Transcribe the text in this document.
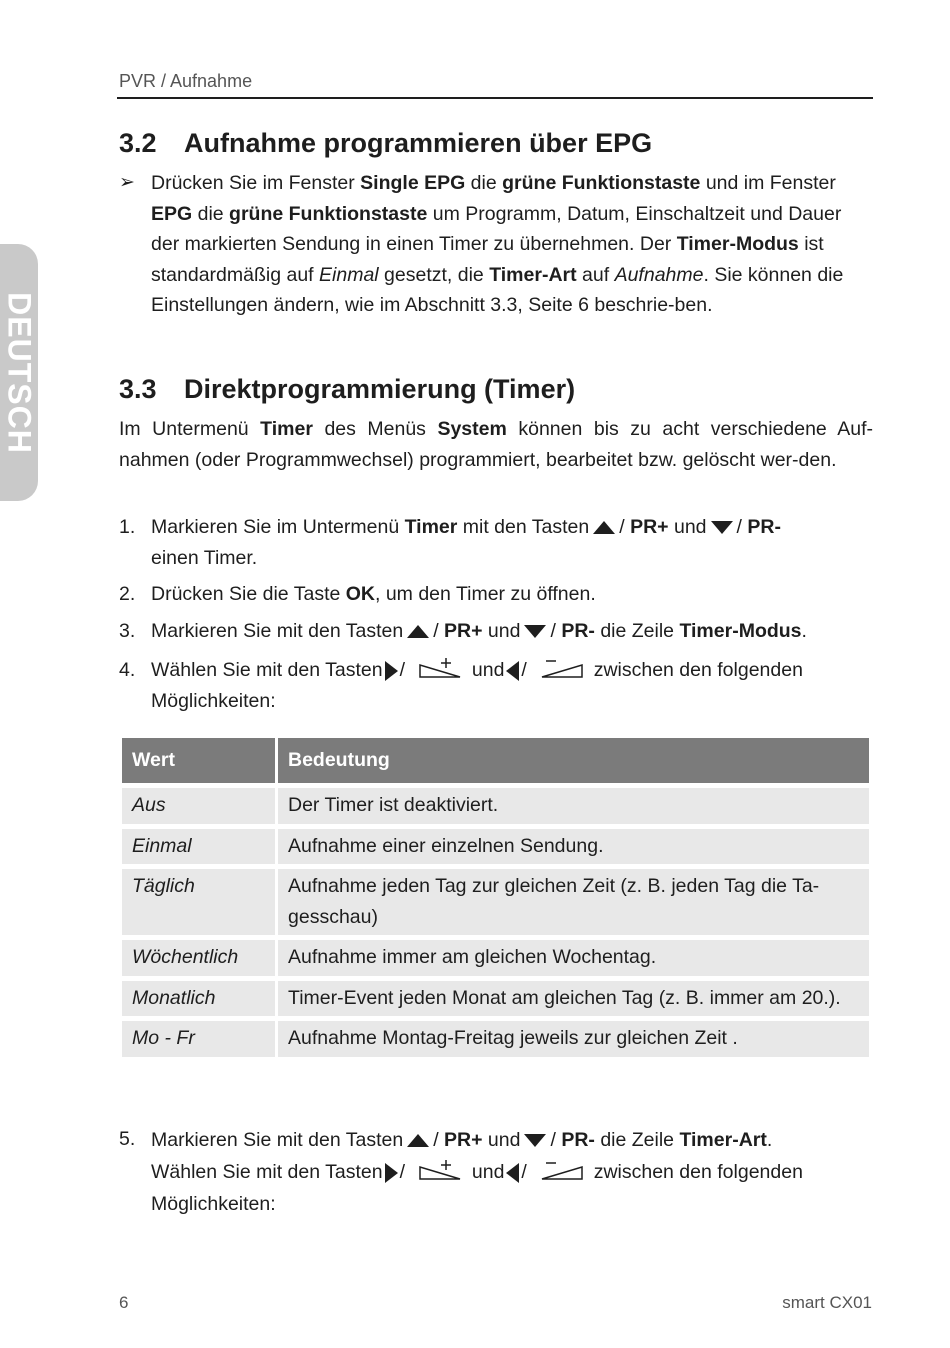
PVR / Aufnahme
DEUTSCH
3.2 Aufnahme programmieren über EPG
➢ Drücken Sie im Fenster Single EPG die grüne Funktionstaste und im Fenster EPG die grüne Funktionstaste um Programm, Datum, Einschaltzeit und Dauer der markierten Sendung in einen Timer zu übernehmen. Der Timer-Modus ist standardmäßig auf Einmal gesetzt, die Timer-Art auf Aufnahme. Sie können die Einstellungen ändern, wie im Abschnitt 3.3, Seite 6 beschrie-ben.
3.3 Direktprogrammierung (Timer)
Im Untermenü Timer des Menüs System können bis zu acht verschiedene Auf-nahmen (oder Programmwechsel) programmiert, bearbeitet bzw. gelöscht wer-den.
1. Markieren Sie im Untermenü Timer mit den Tasten / PR+ und / PR-
einen Timer.
2. Drücken Sie die Taste OK, um den Timer zu öffnen.
3. Markieren Sie mit den Tasten / PR+ und / PR- die Zeile Timer-Modus.
4. Wählen Sie mit den Tasten /	und /	zwischen den folgenden
Möglichkeiten:
Wert	Bedeutung
Aus	Der Timer ist deaktiviert.
Einmal	Aufnahme einer einzelnen Sendung.
Täglich	Aufnahme jeden Tag zur gleichen Zeit (z. B. jeden Tag die Ta-gesschau)
Wöchentlich	Aufnahme immer am gleichen Wochentag.
Monatlich	Timer-Event jeden Monat am gleichen Tag (z. B. immer am 20.).
Mo - Fr	Aufnahme Montag-Freitag jeweils zur gleichen Zeit .
5. Markieren Sie mit den Tasten / PR+ und / PR- die Zeile Timer-Art.
Wählen Sie mit den Tasten /	und /	zwischen den folgenden
Möglichkeiten:
6	smart CX01
